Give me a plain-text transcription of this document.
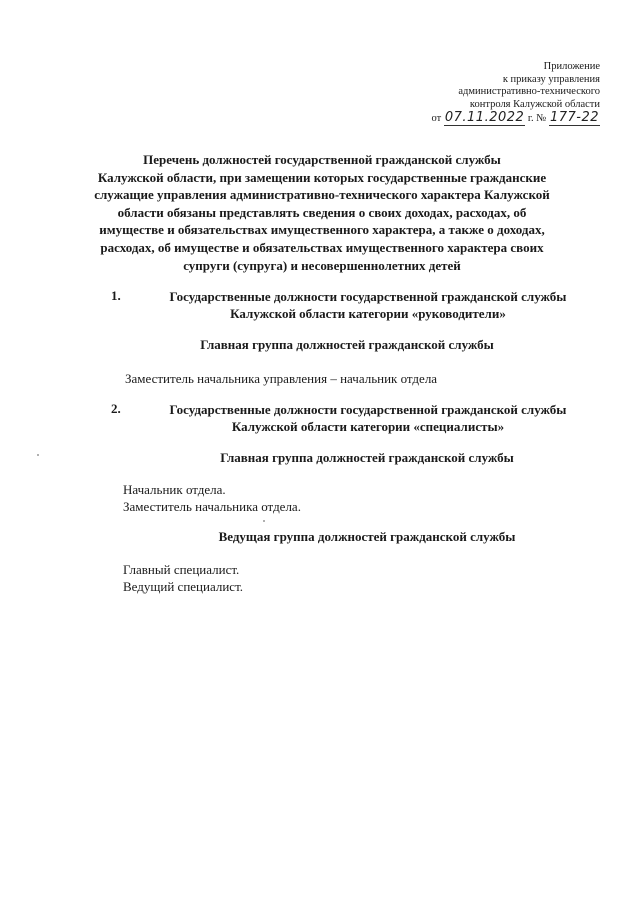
Приложение
к приказу управления
административно-технического
контроля Калужской области
от 07.11.2022 г. № 177-22
Перечень должностей государственной гражданской службы
Калужской области, при замещении которых государственные гражданские
служащие управления административно-технического характера Калужской
области обязаны представлять сведения о своих доходах, расходах, об
имуществе и обязательствах имущественного характера, а также о доходах,
расходах, об имуществе и обязательствах имущественного характера своих
супруги (супруга) и несовершеннолетних детей
1.	Государственные должности государственной гражданской службы
Калужской области категории «руководители»
Главная группа должностей гражданской службы
Заместитель начальника управления – начальник отдела
2.	Государственные должности государственной гражданской службы
Калужской области категории «специалисты»
Главная группа должностей гражданской службы
Начальник отдела.
Заместитель начальника отдела.
Ведущая группа должностей гражданской службы
Главный специалист.
Ведущий специалист.
